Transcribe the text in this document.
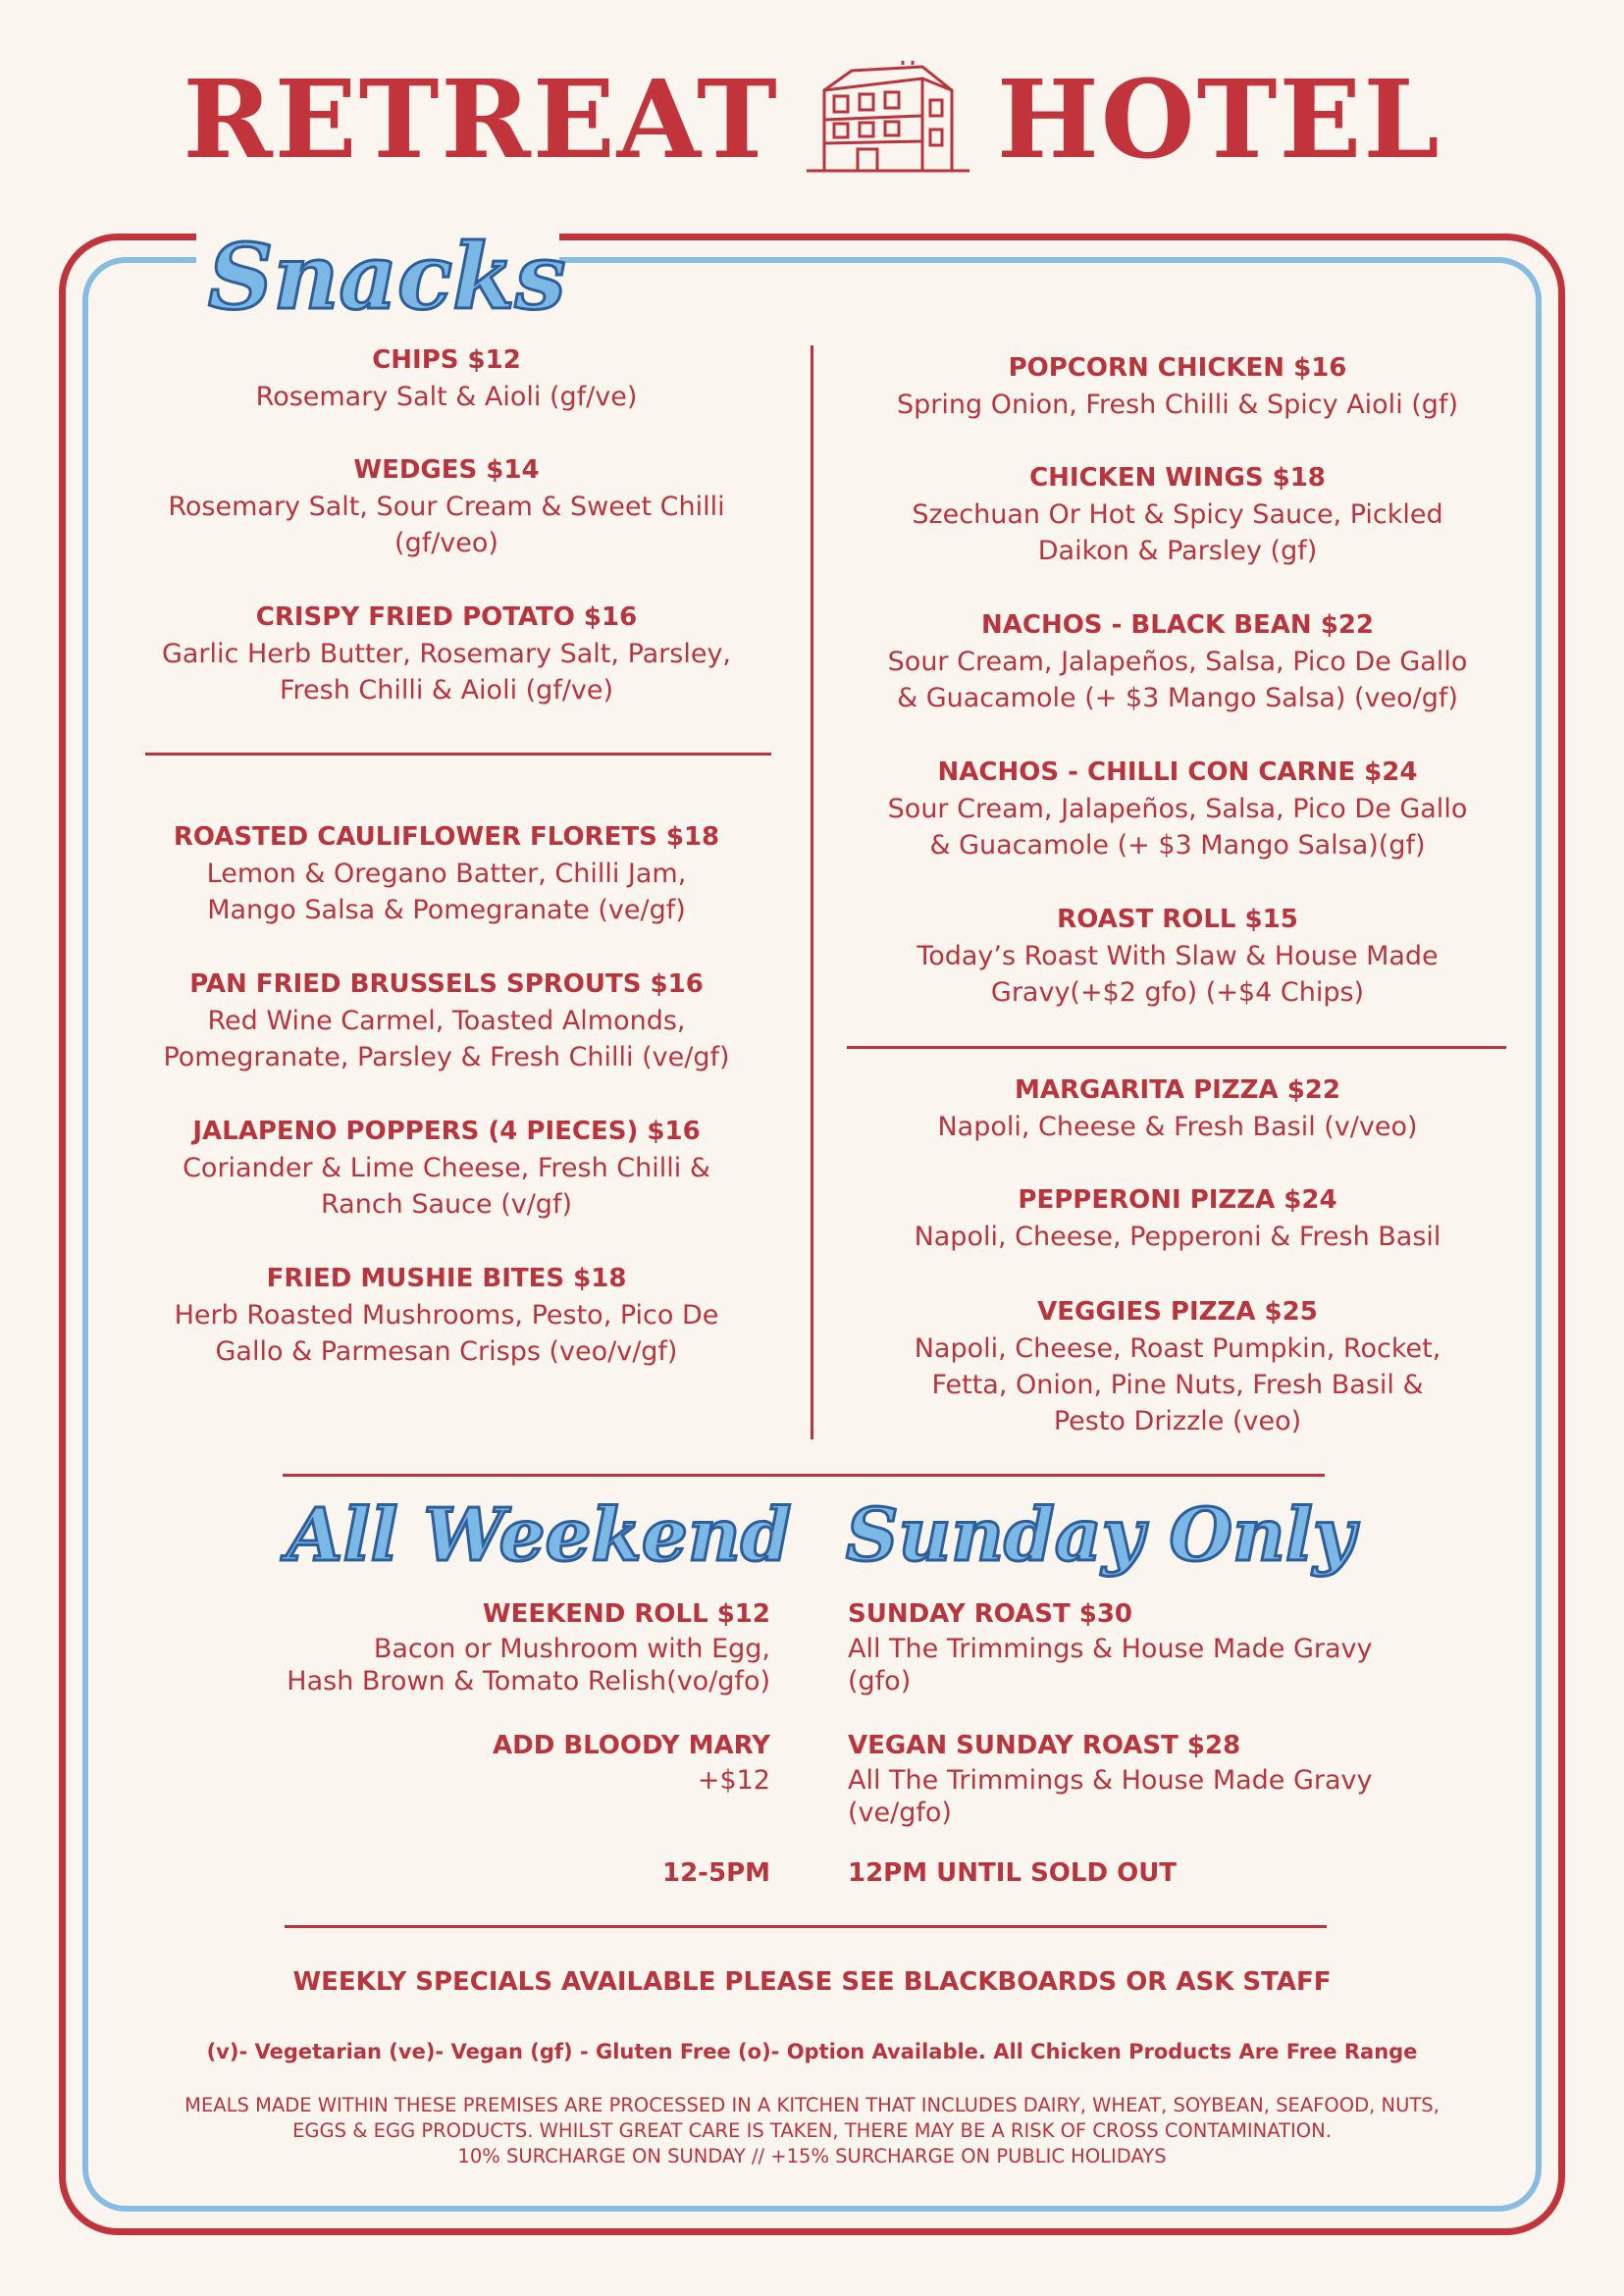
RETREAT HOTEL
Snacks
CHIPS $12
Rosemary Salt & Aioli (gf/ve)
WEDGES $14
Rosemary Salt, Sour Cream & Sweet Chilli
(gf/veo)
CRISPY FRIED POTATO $16
Garlic Herb Butter, Rosemary Salt, Parsley,
Fresh Chilli & Aioli (gf/ve)
ROASTED CAULIFLOWER FLORETS $18
Lemon & Oregano Batter, Chilli Jam,
Mango Salsa & Pomegranate (ve/gf)
PAN FRIED BRUSSELS SPROUTS $16
Red Wine Carmel, Toasted Almonds,
Pomegranate, Parsley & Fresh Chilli (ve/gf)
JALAPENO POPPERS (4 PIECES) $16
Coriander & Lime Cheese, Fresh Chilli &
Ranch Sauce (v/gf)
FRIED MUSHIE BITES $18
Herb Roasted Mushrooms, Pesto, Pico De
Gallo & Parmesan Crisps (veo/v/gf)
POPCORN CHICKEN $16
Spring Onion, Fresh Chilli & Spicy Aioli (gf)
CHICKEN WINGS $18
Szechuan Or Hot & Spicy Sauce, Pickled
Daikon & Parsley (gf)
NACHOS - BLACK BEAN $22
Sour Cream, Jalapeños, Salsa, Pico De Gallo
& Guacamole (+ $3 Mango Salsa) (veo/gf)
NACHOS - CHILLI CON CARNE $24
Sour Cream, Jalapeños, Salsa, Pico De Gallo
& Guacamole (+ $3 Mango Salsa)(gf)
ROAST ROLL $15
Today’s Roast With Slaw & House Made
Gravy(+$2 gfo) (+$4 Chips)
MARGARITA PIZZA $22
Napoli, Cheese & Fresh Basil (v/veo)
PEPPERONI PIZZA $24
Napoli, Cheese, Pepperoni & Fresh Basil
VEGGIES PIZZA $25
Napoli, Cheese, Roast Pumpkin, Rocket,
Fetta, Onion, Pine Nuts, Fresh Basil &
Pesto Drizzle (veo)
All Weekend Sunday Only
WEEKEND ROLL $12
Bacon or Mushroom with Egg,
Hash Brown & Tomato Relish(vo/gfo)
ADD BLOODY MARY
+$12
12-5PM
SUNDAY ROAST $30
All The Trimmings & House Made Gravy
(gfo)
VEGAN SUNDAY ROAST $28
All The Trimmings & House Made Gravy
(ve/gfo)
12PM UNTIL SOLD OUT
WEEKLY SPECIALS AVAILABLE PLEASE SEE BLACKBOARDS OR ASK STAFF
(v)- Vegetarian (ve)- Vegan (gf) - Gluten Free (o)- Option Available. All Chicken Products Are Free Range
MEALS MADE WITHIN THESE PREMISES ARE PROCESSED IN A KITCHEN THAT INCLUDES DAIRY, WHEAT, SOYBEAN, SEAFOOD, NUTS,
EGGS & EGG PRODUCTS. WHILST GREAT CARE IS TAKEN, THERE MAY BE A RISK OF CROSS CONTAMINATION.
10% SURCHARGE ON SUNDAY // +15% SURCHARGE ON PUBLIC HOLIDAYS
